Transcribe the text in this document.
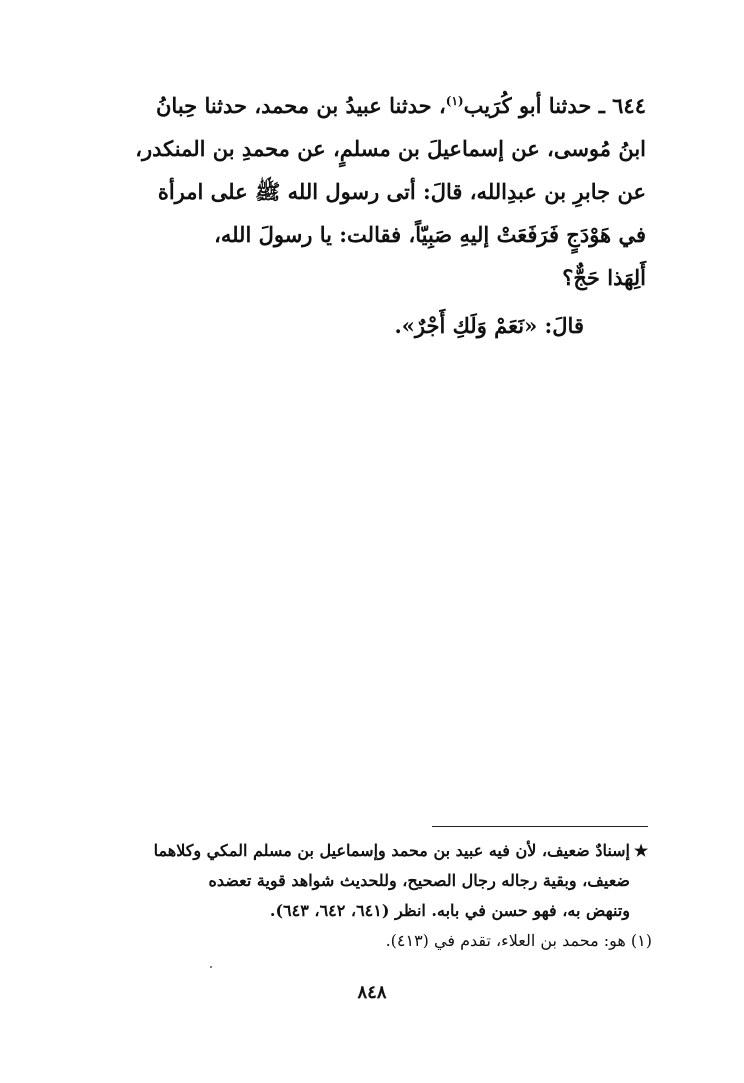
٦٤٤ ـ حدثنا أبو كُرَيب$^{(١)}$، حدثنا عبيدُ بن محمد، حدثنا حِبانُ
ابنُ مُوسى، عن إسماعيلَ بن مسلمٍ، عن محمدِ بن المنكدر،
عن جابرِ بن عبدِالله، قالَ: أتى رسول الله ﷺ على امرأة
في هَوْدَجٍ فَرَفَعَتْ إليهِ صَبِيّاً، فقالت: يا رسولَ الله،
أَلِهَذا حَجٌّ؟
قالَ: «نَعَمْ وَلَكِ أَجْرٌ».
★إسنادٌ ضعيف، لأن فيه عبيد بن محمد وإسماعيل بن مسلم المكي وكلاهما
ضعيف، وبقية رجاله رجال الصحيح، وللحديث شواهد قوية تعضده
وتنهض به، فهو حسن في بابه. انظر (٦٤١، ٦٤٢، ٦٤٣).
(١) هو: محمد بن العلاء، تقدم في (٤١٣).
٨٤٨
